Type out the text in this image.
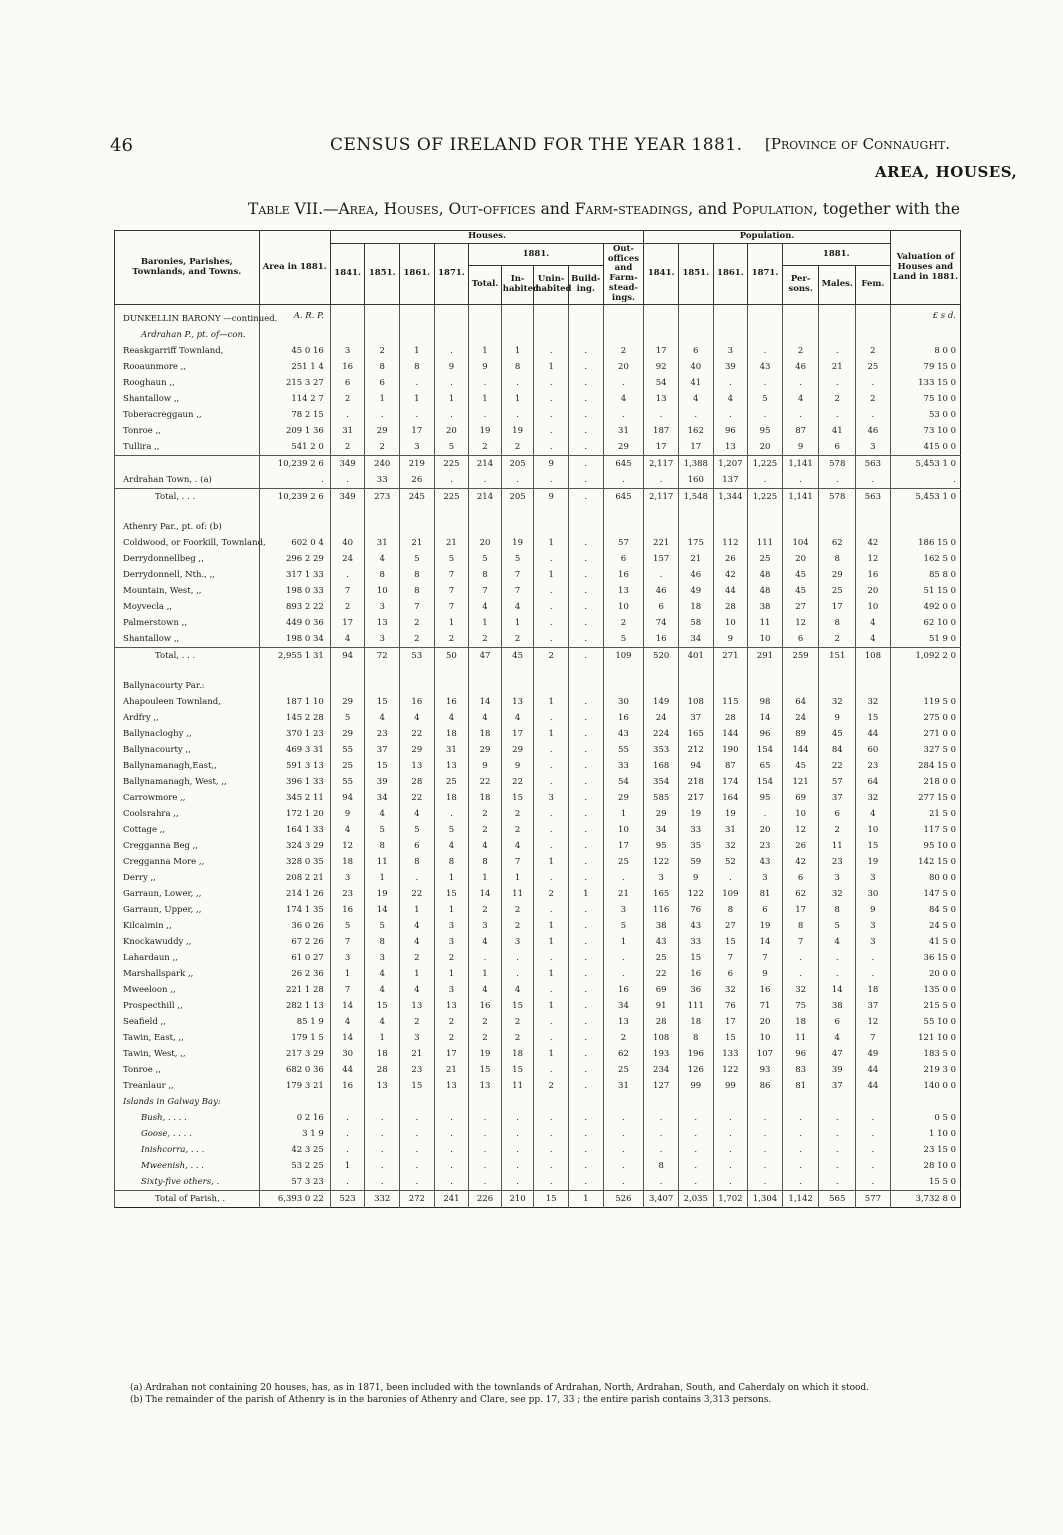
46	CENSUS OF IRELAND FOR THE YEAR 1881. [Province of Connaught.
AREA, HOUSES,
Table VII.—Area, Houses, Out-offices and Farm-steadings, and Population, together with the
Baronies, Parishes, Townlands, and Towns.	Area in 1881.	Houses.									Population.							Valuation of Houses and Land in 1881.
		1841.	1851.	1861.	1871.	1881.				Out-offices and Farm-stead-ings.	1841.	1851.	1861.	1871.	1881.			
						Total.	In-habited	Unin-habited	Build-ing.						Per-sons.	Males.	Fem.	
DUNKELLIN BARONY —continued.	A. R. P.																	£ s d.
Ardrahan P., pt. of—con.																		
Reaskgarriff Townland,	45 0 16	3	2	1	.	1	1	.	.	2	17	6	3	.	2	.	2	8 0 0
Rooaunmore ,,	251 1 4	16	8	8	9	9	8	1	.	20	92	40	39	43	46	21	25	79 15 0
Rooghaun ,,	215 3 27	6	6	.	.	.	.	.	.	.	54	41	.	.	.	.	.	133 15 0
Shantallow ,,	114 2 7	2	1	1	1	1	1	.	.	4	13	4	4	5	4	2	2	75 10 0
Toberacreggaun ,,	78 2 15	.	.	.	.	.	.	.	.	.	.	.	.	.	.	.	.	53 0 0
Tonroe ,,	209 1 36	31	29	17	20	19	19	.	.	31	187	162	96	95	87	41	46	73 10 0
Tullira ,,	541 2 0	2	2	3	5	2	2	.	.	29	17	17	13	20	9	6	3	415 0 0
	10,239 2 6	349	240	219	225	214	205	9	.	645	2,117	1,388	1,207	1,225	1,141	578	563	5,453 1 0
Ardrahan Town, . (a)	.	.	33	26	.	.	.	.	.	.	.	160	137	.	.	.	.	.
Total, . . .	10,239 2 6	349	273	245	225	214	205	9	.	645	2,117	1,548	1,344	1,225	1,141	578	563	5,453 1 0

Athenry Par., pt. of: (b)																		
Coldwood, or Foorkill, Townland,	602 0 4	40	31	21	21	20	19	1	.	57	221	175	112	111	104	62	42	186 15 0
Derrydonnellbeg ,,	296 2 29	24	4	5	5	5	5	.	.	6	157	21	26	25	20	8	12	162 5 0
Derrydonnell, Nth., ,,	317 1 33	.	8	8	7	8	7	1	.	16	.	46	42	48	45	29	16	85 8 0
Mountain, West, ,,	198 0 33	7	10	8	7	7	7	.	.	13	46	49	44	48	45	25	20	51 15 0
Moyvecla ,,	893 2 22	2	3	7	7	4	4	.	.	10	6	18	28	38	27	17	10	492 0 0
Palmerstown ,,	449 0 36	17	13	2	1	1	1	.	.	2	74	58	10	11	12	8	4	62 10 0
Shantallow ,,	198 0 34	4	3	2	2	2	2	.	.	5	16	34	9	10	6	2	4	51 9 0
Total, . . .	2,955 1 31	94	72	53	50	47	45	2	.	109	520	401	271	291	259	151	108	1,092 2 0

Ballynacourty Par.:																		
Ahapouleen Townland,	187 1 10	29	15	16	16	14	13	1	.	30	149	108	115	98	64	32	32	119 5 0
Ardfry ,,	145 2 28	5	4	4	4	4	4	.	.	16	24	37	28	14	24	9	15	275 0 0
Ballynacloghy ,,	370 1 23	29	23	22	18	18	17	1	.	43	224	165	144	96	89	45	44	271 0 0
Ballynacourty ,,	469 3 31	55	37	29	31	29	29	.	.	55	353	212	190	154	144	84	60	327 5 0
Ballynamanagh,East,,	591 3 13	25	15	13	13	9	9	.	.	33	168	94	87	65	45	22	23	284 15 0
Ballynamanagh, West, ,,	396 1 33	55	39	28	25	22	22	.	.	54	354	218	174	154	121	57	64	218 0 0
Carrowmore ,,	345 2 11	94	34	22	18	18	15	3	.	29	585	217	164	95	69	37	32	277 15 0
Coolsrahra ,,	172 1 20	9	4	4	.	2	2	.	.	1	29	19	19	.	10	6	4	21 5 0
Cottage ,,	164 1 33	4	5	5	5	2	2	.	.	10	34	33	31	20	12	2	10	117 5 0
Cregganna Beg ,,	324 3 29	12	8	6	4	4	4	.	.	17	95	35	32	23	26	11	15	95 10 0
Cregganna More ,,	328 0 35	18	11	8	8	8	7	1	.	25	122	59	52	43	42	23	19	142 15 0
Derry ,,	208 2 21	3	1	.	1	1	1	.	.	.	3	9	.	3	6	3	3	80 0 0
Garraun, Lower, ,,	214 1 26	23	19	22	15	14	11	2	1	21	165	122	109	81	62	32	30	147 5 0
Garraun, Upper, ,,	174 1 35	16	14	1	1	2	2	.	.	3	116	76	8	6	17	8	9	84 5 0
Kilcaimin ,,	36 0 26	5	5	4	3	3	2	1	.	5	38	43	27	19	8	5	3	24 5 0
Knockawuddy ,,	67 2 26	7	8	4	3	4	3	1	.	1	43	33	15	14	7	4	3	41 5 0
Lahardaun ,,	61 0 27	3	3	2	2	.	.	.	.	.	25	15	7	7	.	.	.	36 15 0
Marshallspark ,,	26 2 36	1	4	1	1	1	.	1	.	.	22	16	6	9	.	.	.	20 0 0
Mweeloon ,,	221 1 28	7	4	4	3	4	4	.	.	16	69	36	32	16	32	14	18	135 0 0
Prospecthill ,,	282 1 13	14	15	13	13	16	15	1	.	34	91	111	76	71	75	38	37	215 5 0
Seafield ,,	85 1 9	4	4	2	2	2	2	.	.	13	28	18	17	20	18	6	12	55 10 0
Tawin, East, ,,	179 1 5	14	1	3	2	2	2	.	.	2	108	8	15	10	11	4	7	121 10 0
Tawin, West, ,,	217 3 29	30	18	21	17	19	18	1	.	62	193	196	133	107	96	47	49	183 5 0
Tonroe ,,	682 0 36	44	28	23	21	15	15	.	.	25	234	126	122	93	83	39	44	219 3 0
Treanlaur ,,	179 3 21	16	13	15	13	13	11	2	.	31	127	99	99	86	81	37	44	140 0 0
Islands in Galway Bay:																		
Bush, . . . .	0 2 16	.	.	.	.	.	.	.	.	.	.	.	.	.	.	.	.	0 5 0
Goose, . . . .	3 1 9	.	.	.	.	.	.	.	.	.	.	.	.	.	.	.	.	1 10 0
Inishcorra, . . .	42 3 25	.	.	.	.	.	.	.	.	.	.	.	.	.	.	.	.	23 15 0
Mweenish, . . .	53 2 25	1	.	.	.	.	.	.	.	.	8	.	.	.	.	.	.	28 10 0
Sixty-five others, .	57 3 23	.	.	.	.	.	.	.	.	.	.	.	.	.	.	.	.	15 5 0
Total of Parish, .	6,393 0 22	523	332	272	241	226	210	15	1	526	3,407	2,035	1,702	1,304	1,142	565	577	3,732 8 0
(a) Ardrahan not containing 20 houses, has, as in 1871, been included with the townlands of Ardrahan, North, Ardrahan, South, and Caherdaly on which it stood.
(b) The remainder of the parish of Athenry is in the baronies of Athenry and Clare, see pp. 17, 33 ; the entire parish contains 3,313 persons.
